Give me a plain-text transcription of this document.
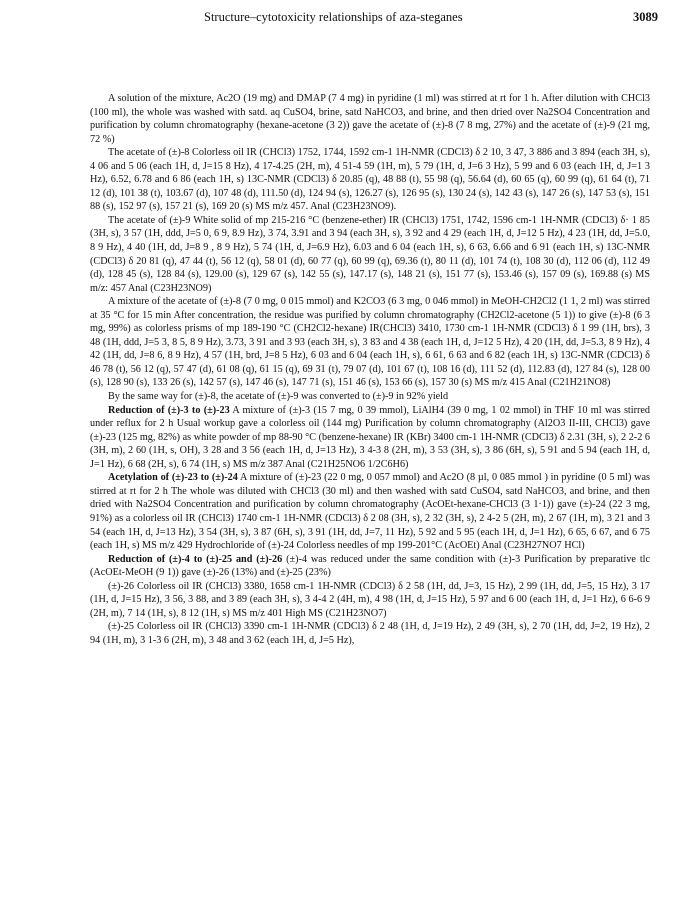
Structure–cytotoxicity relationships of aza-steganes	3089

A solution of the mixture, Ac2O (19 mg) and DMAP (7 4 mg) in pyridine (1 ml) was stirred at rt for 1 h. After dilution with CHCl3 (100 ml), the whole was washed with satd. aq CuSO4, brine, satd NaHCO3, and brine, and then dried over Na2SO4 Concentration and purification by column chromatography (hexane-acetone (3 2)) gave the acetate of (±)-8 (7 8 mg, 27%) and the acetate of (±)-9 (21 mg, 72 %)

The acetate of (±)-8 Colorless oil IR (CHCl3) 1752, 1744, 1592 cm-1 1H-NMR (CDCl3) δ 2 10, 3 47, 3 886 and 3 894 (each 3H, s), 4 06 and 5 06 (each 1H, d, J=15 8 Hz), 4 17-4.25 (2H, m), 4 51-4 59 (1H, m), 5 79 (1H, d, J=6 3 Hz), 5 99 and 6 03 (each 1H, d, J=1 3 Hz), 6.52, 6.78 and 6 86 (each 1H, s) 13C-NMR (CDCl3) δ 20.85 (q), 48 88 (t), 55 98 (q), 56.64 (d), 60 65 (q), 60 99 (q), 61 64 (t), 71 12 (d), 101 38 (t), 103.67 (d), 107 48 (d), 111.50 (d), 124 94 (s), 126.27 (s), 126 95 (s), 130 24 (s), 142 43 (s), 147 26 (s), 147 53 (s), 151 88 (s), 152 97 (s), 157 21 (s), 169 20 (s) MS m/z 457. Anal (C23H23NO9).

The acetate of (±)-9 White solid of mp 215-216 °C (benzene-ether) IR (CHCl3) 1751, 1742, 1596 cm-1 1H-NMR (CDCl3) δ· 1 85 (3H, s), 3 57 (1H, ddd, J=5 0, 6 9, 8.9 Hz), 3 74, 3.91 and 3 94 (each 3H, s), 3 92 and 4 29 (each 1H, d, J=12 5 Hz), 4 23 (1H, dd, J=5.0, 8 9 Hz), 4 40 (1H, dd, J=8 9 , 8 9 Hz), 5 74 (1H, d, J=6.9 Hz), 6.03 and 6 04 (each 1H, s), 6 63, 6.66 and 6 91 (each 1H, s) 13C-NMR (CDCl3) δ 20 81 (q), 47 44 (t), 56 12 (q), 58 01 (d), 60 77 (q), 60 99 (q), 69.36 (t), 80 11 (d), 101 74 (t), 108 30 (d), 112 06 (d), 112 49 (d), 128 45 (s), 128 84 (s), 129.00 (s), 129 67 (s), 142 55 (s), 147.17 (s), 148 21 (s), 151 77 (s), 153.46 (s), 157 09 (s), 169.88 (s) MS m/z: 457 Anal (C23H23NO9)

A mixture of the acetate of (±)-8 (7 0 mg, 0 015 mmol) and K2CO3 (6 3 mg, 0 046 mmol) in MeOH-CH2Cl2 (1 1, 2 ml) was stirred at 35 °C for 15 min After concentration, the residue was purified by column chromatography (CH2Cl2-acetone (5 1)) to give (±)-8 (6 3 mg, 99%) as colorless prisms of mp 189-190 °C (CH2Cl2-hexane) IR(CHCl3) 3410, 1730 cm-1 1H-NMR (CDCl3) δ 1 99 (1H, brs), 3 48 (1H, ddd, J=5 3, 8 5, 8 9 Hz), 3.73, 3 91 and 3 93 (each 3H, s), 3 83 and 4 38 (each 1H, d, J=12 5 Hz), 4 20 (1H, dd, J=5.3, 8 9 Hz), 4 42 (1H, dd, J=8 6, 8 9 Hz), 4 57 (1H, brd, J=8 5 Hz), 6 03 and 6 04 (each 1H, s), 6 61, 6 63 and 6 82 (each 1H, s) 13C-NMR (CDCl3) δ 46 78 (t), 56 12 (q), 57 47 (d), 61 08 (q), 61 15 (q), 69 31 (t), 79 07 (d), 101 67 (t), 108 16 (d), 111 52 (d), 112.83 (d), 127 84 (s), 128 00 (s), 128 90 (s), 133 26 (s), 142 57 (s), 147 46 (s), 147 71 (s), 151 46 (s), 153 66 (s), 157 30 (s) MS m/z 415 Anal (C21H21NO8)

By the same way for (±)-8, the acetate of (±)-9 was converted to (±)-9 in 92% yield

Reduction of (±)-3 to (±)-23 A mixture of (±)-3 (15 7 mg, 0 39 mmol), LiAlH4 (39 0 mg, 1 02 mmol) in THF 10 ml was stirred under reflux for 2 h Usual workup gave a colorless oil (144 mg) Purification by column chromatography (Al2O3 II-III, CHCl3) gave (±)-23 (125 mg, 82%) as white powder of mp 88-90 °C (benzene-hexane) IR (KBr) 3400 cm-1 1H-NMR (CDCl3) δ 2.31 (3H, s), 2 2-2 6 (3H, m), 2 60 (1H, s, OH), 3 28 and 3 56 (each 1H, d, J=13 Hz), 3 4-3 8 (2H, m), 3 53 (3H, s), 3 86 (6H, s), 5 91 and 5 94 (each 1H, d, J=1 Hz), 6 68 (2H, s), 6 74 (1H, s) MS m/z 387 Anal (C21H25NO6 1/2C6H6)

Acetylation of (±)-23 to (±)-24 A mixture of (±)-23 (22 0 mg, 0 057 mmol) and Ac2O (8 µl, 0 085 mmol ) in pyridine (0 5 ml) was stirred at rt for 2 h The whole was diluted with CHCl3 (30 ml) and then washed with satd CuSO4, satd NaHCO3, and brine, and then dried with Na2SO4 Concentration and purification by column chromatography (AcOEt-hexane-CHCl3 (3 1·1)) gave (±)-24 (22 3 mg, 91%) as a colorless oil IR (CHCl3) 1740 cm-1 1H-NMR (CDCl3) δ 2 08 (3H, s), 2 32 (3H, s), 2 4-2 5 (2H, m), 2 67 (1H, m), 3 21 and 3 54 (each 1H, d, J=13 Hz), 3 54 (3H, s), 3 87 (6H, s), 3 91 (1H, dd, J=7, 11 Hz), 5 92 and 5 95 (each 1H, d, J=1 Hz), 6 65, 6 67, and 6 75 (each 1H, s) MS m/z 429 Hydrochloride of (±)-24 Colorless needles of mp 199-201°C (AcOEt) Anal (C23H27NO7 HCl)

Reduction of (±)-4 to (±)-25 and (±)-26 (±)-4 was reduced under the same condition with (±)-3 Purification by preparative tlc (AcOEt-MeOH (9 1)) gave (±)-26 (13%) and (±)-25 (23%)

(±)-26 Colorless oil IR (CHCl3) 3380, 1658 cm-1 1H-NMR (CDCl3) δ 2 58 (1H, dd, J=3, 15 Hz), 2 99 (1H, dd, J=5, 15 Hz), 3 17 (1H, d, J=15 Hz), 3 56, 3 88, and 3 89 (each 3H, s), 3 4-4 2 (4H, m), 4 98 (1H, d, J=15 Hz), 5 97 and 6 00 (each 1H, d, J=1 Hz), 6 6-6 9 (2H, m), 7 14 (1H, s), 8 12 (1H, s) MS m/z 401 High MS (C21H23NO7)

(±)-25 Colorless oil IR (CHCl3) 3390 cm-1 1H-NMR (CDCl3) δ 2 48 (1H, d, J=19 Hz), 2 49 (3H, s), 2 70 (1H, dd, J=2, 19 Hz), 2 94 (1H, m), 3 1-3 6 (2H, m), 3 48 and 3 62 (each 1H, d, J=5 Hz),
